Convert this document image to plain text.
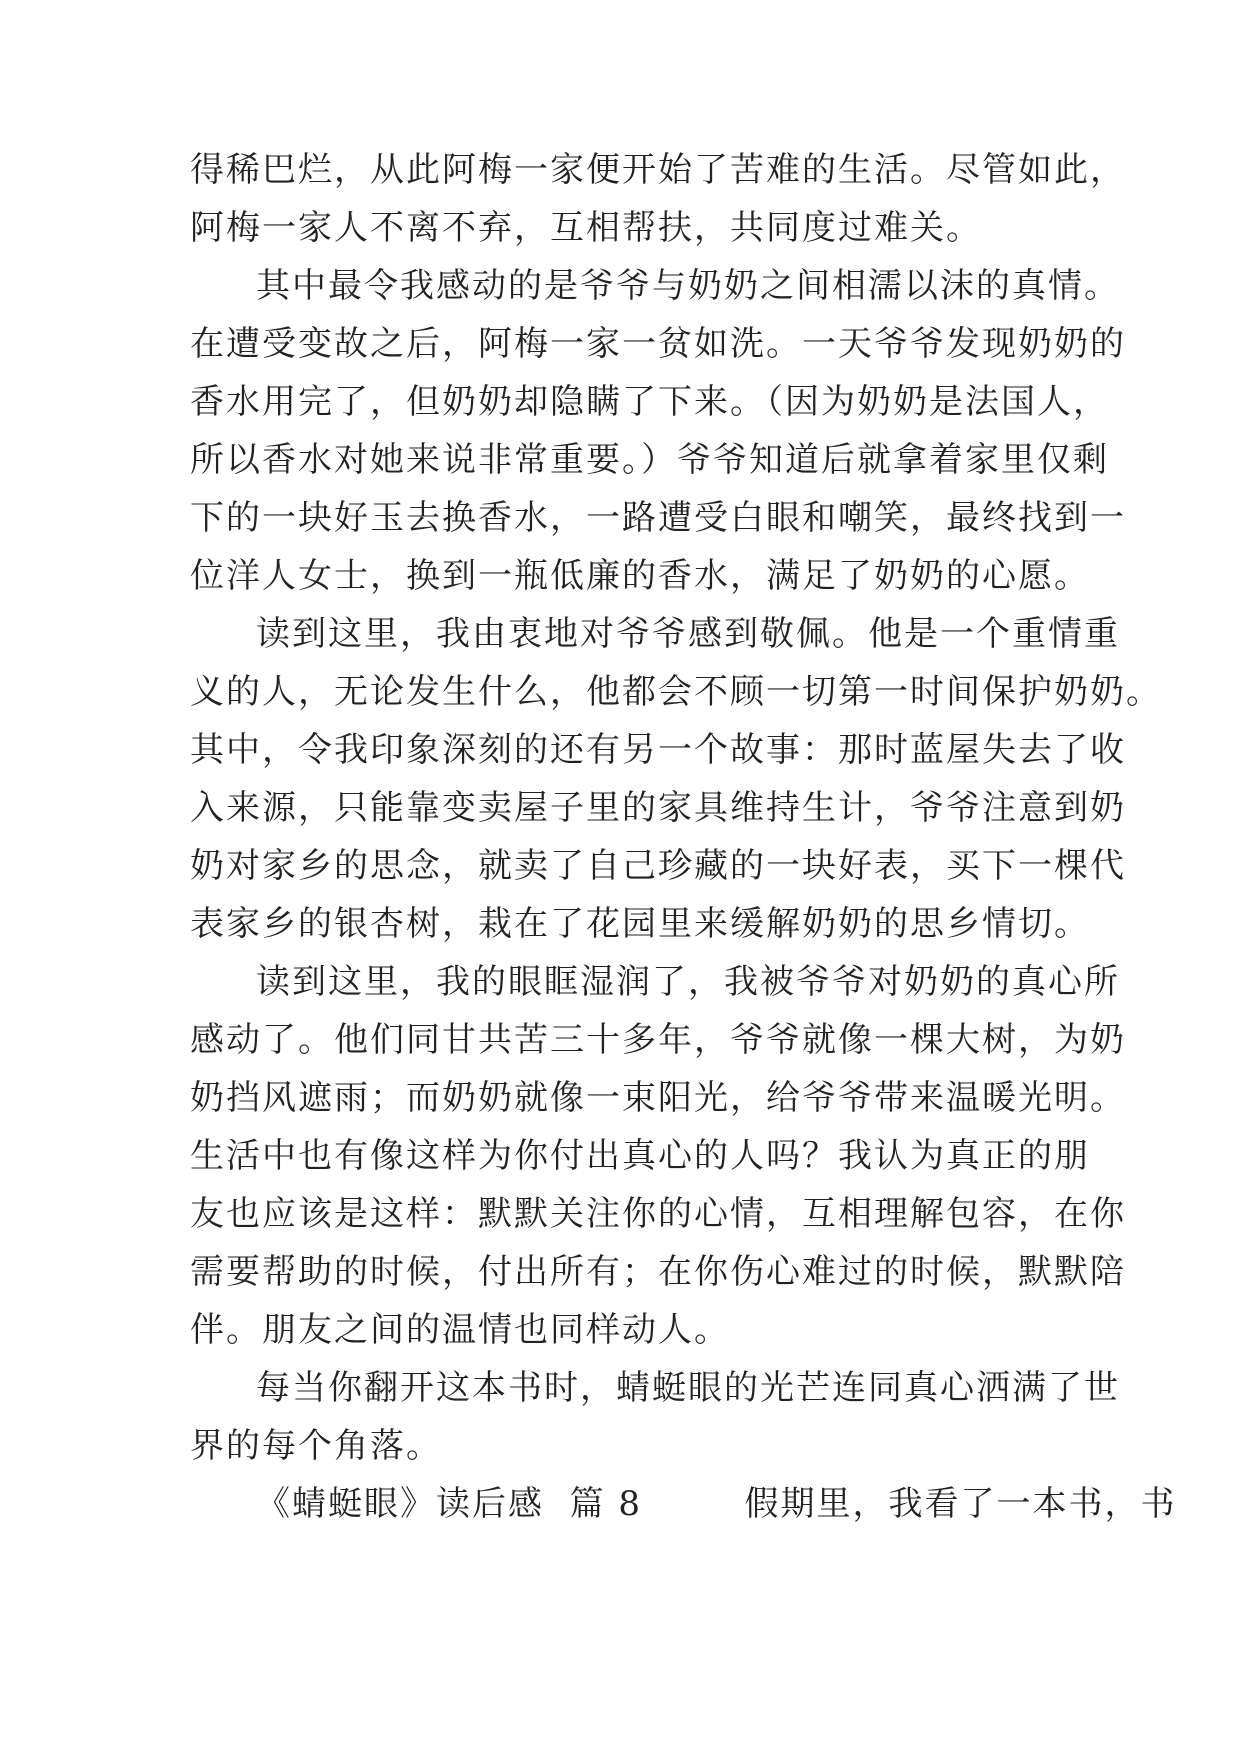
得稀巴烂，从此阿梅一家便开始了苦难的生活。尽管如此，
阿梅一家人不离不弃，互相帮扶，共同度过难关。
其中最令我感动的是爷爷与奶奶之间相濡以沫的真情。
在遭受变故之后，阿梅一家一贫如洗。一天爷爷发现奶奶的
香水用完了，但奶奶却隐瞒了下来。（因为奶奶是法国人，
所以香水对她来说非常重要。）爷爷知道后就拿着家里仅剩
下的一块好玉去换香水，一路遭受白眼和嘲笑，最终找到一
位洋人女士，换到一瓶低廉的香水，满足了奶奶的心愿。
读到这里，我由衷地对爷爷感到敬佩。他是一个重情重
义的人，无论发生什么，他都会不顾一切第一时间保护奶奶。
其中，令我印象深刻的还有另一个故事：那时蓝屋失去了收
入来源，只能靠变卖屋子里的家具维持生计，爷爷注意到奶
奶对家乡的思念，就卖了自己珍藏的一块好表，买下一棵代
表家乡的银杏树，栽在了花园里来缓解奶奶的思乡情切。
读到这里，我的眼眶湿润了，我被爷爷对奶奶的真心所
感动了。他们同甘共苦三十多年，爷爷就像一棵大树，为奶
奶挡风遮雨；而奶奶就像一束阳光，给爷爷带来温暖光明。
生活中也有像这样为你付出真心的人吗？我认为真正的朋
友也应该是这样：默默关注你的心情，互相理解包容，在你
需要帮助的时候，付出所有；在你伤心难过的时候，默默陪
伴。朋友之间的温情也同样动人。
每当你翻开这本书时，蜻蜓眼的光芒连同真心洒满了世
界的每个角落。
《蜻蜓眼》读后感  篇 8        假期里，我看了一本书，书
